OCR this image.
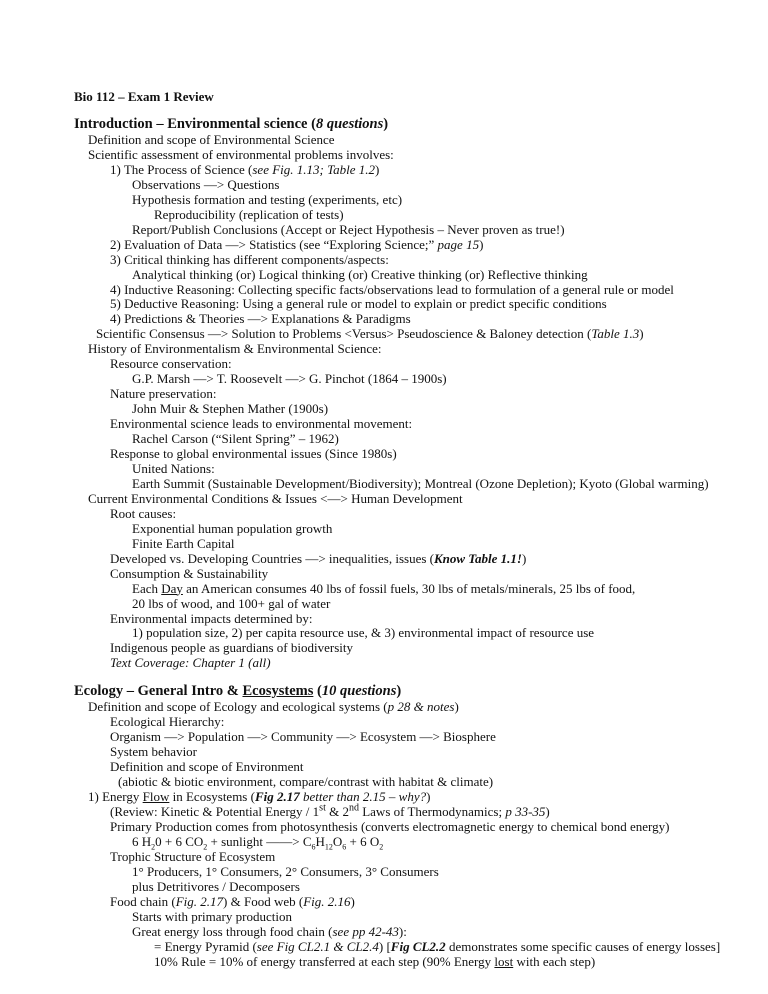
Bio 112 – Exam 1 Review
Introduction – Environmental science (8 questions)
Definition and scope of Environmental Science
Scientific assessment of environmental problems involves:
1) The Process of Science (see Fig. 1.13; Table 1.2)
Observations —> Questions
Hypothesis formation and testing (experiments, etc)
Reproducibility (replication of tests)
Report/Publish Conclusions (Accept or Reject Hypothesis – Never proven as true!)
2) Evaluation of Data —> Statistics (see “Exploring Science;” page 15)
3) Critical thinking has different components/aspects:
Analytical thinking (or) Logical thinking (or) Creative thinking (or) Reflective thinking
4) Inductive Reasoning: Collecting specific facts/observations lead to formulation of a general rule or model
5) Deductive Reasoning: Using a general rule or model to explain or predict specific conditions
4) Predictions & Theories —> Explanations & Paradigms
Scientific Consensus —> Solution to Problems <Versus> Pseudoscience & Baloney detection (Table 1.3)
History of Environmentalism & Environmental Science:
Resource conservation:
G.P. Marsh —> T. Roosevelt —> G. Pinchot (1864 – 1900s)
Nature preservation:
John Muir & Stephen Mather (1900s)
Environmental science leads to environmental movement:
Rachel Carson (“Silent Spring” – 1962)
Response to global environmental issues (Since 1980s)
United Nations:
Earth Summit (Sustainable Development/Biodiversity); Montreal (Ozone Depletion); Kyoto (Global warming)
Current Environmental Conditions & Issues <—> Human Development
Root causes:
Exponential human population growth
Finite Earth Capital
Developed vs. Developing Countries —> inequalities, issues (Know Table 1.1!)
Consumption & Sustainability
Each Day an American consumes 40 lbs of fossil fuels, 30 lbs of metals/minerals, 25 lbs of food,
20 lbs of wood, and 100+ gal of water
Environmental impacts determined by:
1) population size, 2) per capita resource use, & 3) environmental impact of resource use
Indigenous people as guardians of biodiversity
Text Coverage: Chapter 1 (all)
Ecology – General Intro & Ecosystems (10 questions)
Definition and scope of Ecology and ecological systems (p 28 & notes)
Ecological Hierarchy:
Organism —> Population —> Community —> Ecosystem —> Biosphere
System behavior
Definition and scope of Environment
(abiotic & biotic environment, compare/contrast with habitat & climate)
1) Energy Flow in Ecosystems (Fig 2.17 better than 2.15 – why?)
(Review: Kinetic & Potential Energy / 1st & 2nd Laws of Thermodynamics; p 33-35)
Primary Production comes from photosynthesis (converts electromagnetic energy to chemical bond energy)
6 $H_20 + 6$ $CO_2$ + sunlight ——> $C_6H_{12}O_6 + 6$ $O_2$
Trophic Structure of Ecosystem
1° Producers, 1° Consumers, 2° Consumers, 3° Consumers
plus Detritivores / Decomposers
Food chain (Fig. 2.17) & Food web (Fig. 2.16)
Starts with primary production
Great energy loss through food chain (see pp 42-43):
= Energy Pyramid (see Fig CL2.1 & CL2.4) [Fig CL2.2 demonstrates some specific causes of energy losses]
10% Rule = 10% of energy transferred at each step (90% Energy lost with each step)
